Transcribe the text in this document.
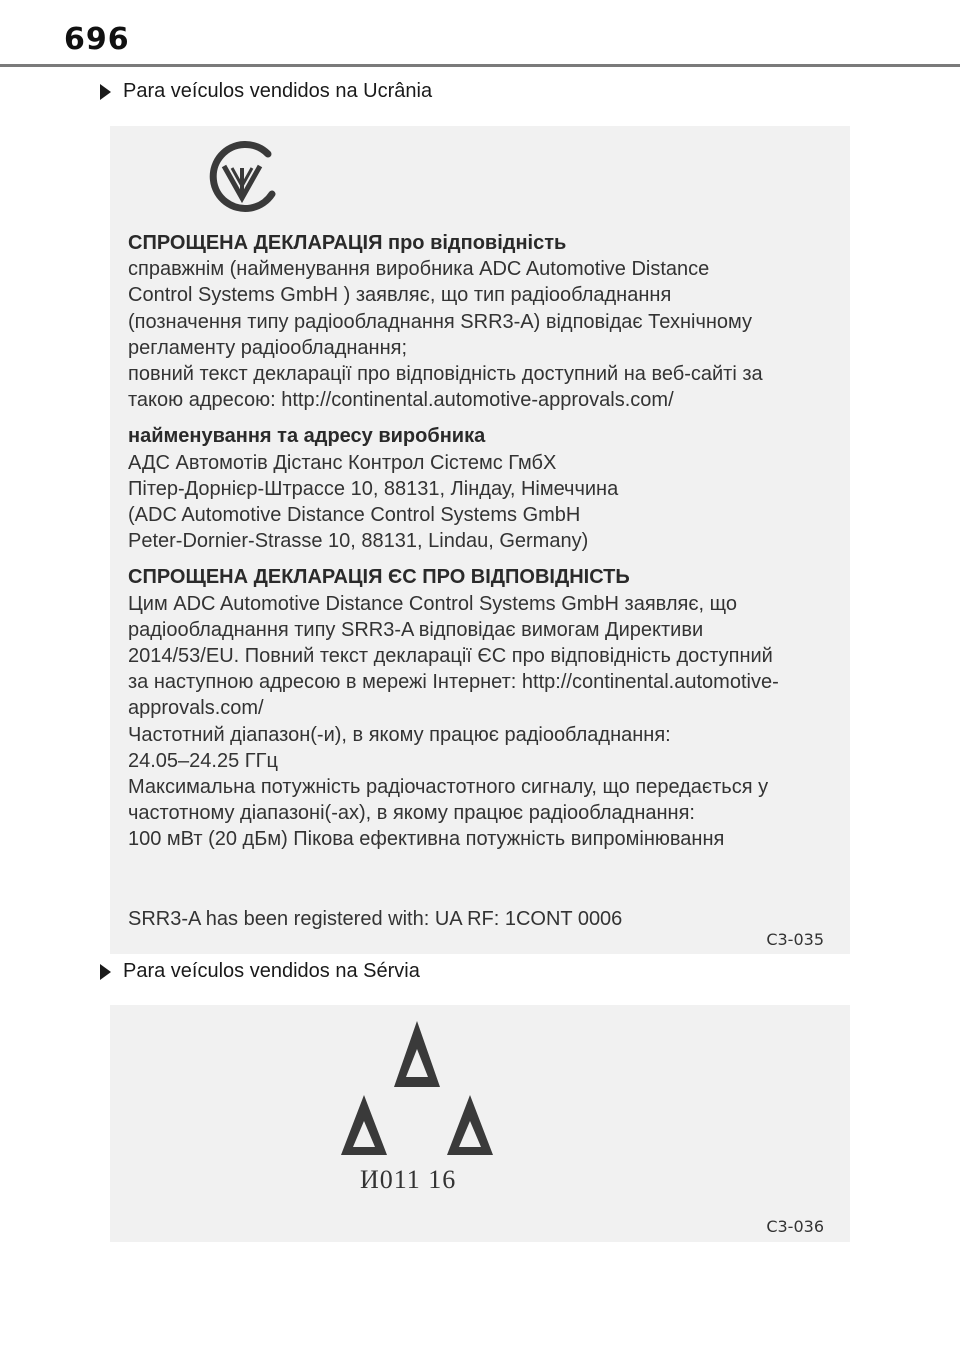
696
Para veículos vendidos na Ucrânia
СПРОЩЕНА ДЕКЛАРАЦІЯ про відповідність
справжнім (найменування виробника ADC Automotive Distance
Control Systems GmbH ) заявляє, що тип радіообладнання
(позначення типу радіообладнання SRR3-A) відповідає Технічному
регламенту радіообладнання;
повний текст декларації про відповідність доступний на веб-сайті за
такою адресою: http://continental.automotive-approvals.com/
найменування та адресу виробника
АДС Автомотів Дістанс Контрол Сістемс ГмбХ
Пітер-Дорнієр-Штрассе 10, 88131, Ліндау, Німеччина
(ADC Automotive Distance Control Systems GmbH
Peter-Dornier-Strasse 10, 88131, Lindau, Germany)
СПРОЩЕНА ДЕКЛАРАЦІЯ ЄС ПРО ВІДПОВІДНІСТЬ
Цим ADC Automotive Distance Control Systems GmbH заявляє, що
радіообладнання типу SRR3-A відповідає вимогам Директиви
2014/53/EU. Повний текст декларації ЄС про відповідність доступний
за наступною адресою в мережі Інтернет: http://continental.automotive-
approvals.com/
Частотний діапазон(-и), в якому працює радіообладнання:
24.05–24.25 ГГц
Максимальна потужність радіочастотного сигналу, що передається у
частотному діапазоні(-ах), в якому працює радіообладнання:
100 мВт (20 дБм) Пікова ефективна потужність випромінювання
SRR3-A has been registered with: UA RF: 1CONT 0006
C3-035
Para veículos vendidos na Sérvia
И011 16
C3-036
